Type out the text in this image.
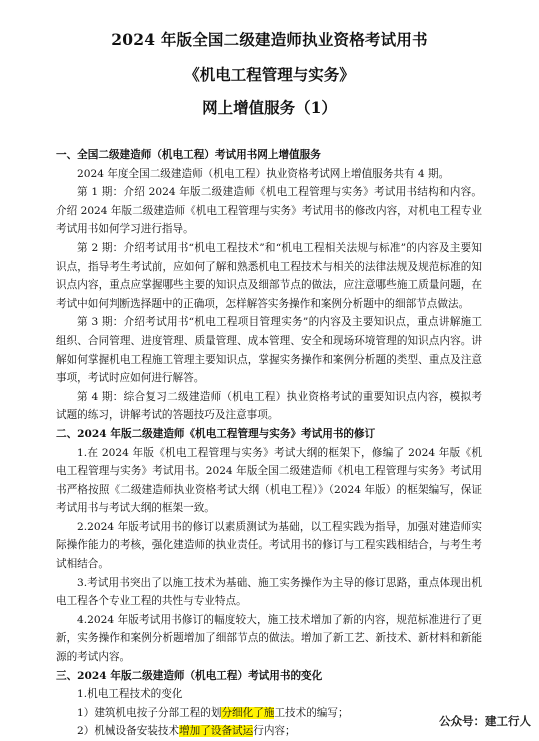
2024 年版全国二级建造师执业资格考试用书
《机电工程管理与实务》
网上增值服务（1）

一、全国二级建造师（机电工程）考试用书网上增值服务

2024 年度全国二级建造师（机电工程）执业资格考试网上增值服务共有 4 期。

第 1 期：介绍 2024 年版二级建造师《机电工程管理与实务》考试用书结构和内容。介绍 2024 年版二级建造师《机电工程管理与实务》考试用书的修改内容，对机电工程专业考试用书如何学习进行指导。

第 2 期：介绍考试用书“机电工程技术”和“机电工程相关法规与标准”的内容及主要知识点，指导考生考试前，应如何了解和熟悉机电工程技术与相关的法律法规及规范标准的知识点内容，重点应掌握哪些主要的知识点及细部节点的做法，应注意哪些施工质量问题，在考试中如何判断选择题中的正确项，怎样解答实务操作和案例分析题中的细部节点做法。

第 3 期：介绍考试用书“机电工程项目管理实务”的内容及主要知识点，重点讲解施工组织、合同管理、进度管理、质量管理、成本管理、安全和现场环境管理的知识点内容。讲解如何掌握机电工程施工管理主要知识点，掌握实务操作和案例分析题的类型、重点及注意事项，考试时应如何进行解答。

第 4 期：综合复习二级建造师（机电工程）执业资格考试的重要知识点内容，模拟考试题的练习，讲解考试的答题技巧及注意事项。

二、2024 年版二级建造师《机电工程管理与实务》考试用书的修订

1.在 2024 年版《机电工程管理与实务》考试大纲的框架下，修编了 2024 年版《机电工程管理与实务》考试用书。2024 年版全国二级建造师《机电工程管理与实务》考试用书严格按照《二级建造师执业资格考试大纲（机电工程）》（2024 年版）的框架编写，保证考试用书与考试大纲的框架一致。

2.2024 年版考试用书的修订以素质测试为基础，以工程实践为指导，加强对建造师实际操作能力的考核，强化建造师的执业责任。考试用书的修订与工程实践相结合，与考生考试相结合。

3.考试用书突出了以施工技术为基础、施工实务操作为主导的修订思路，重点体现出机电工程各个专业工程的共性与专业特点。

4.2024 年版考试用书修订的幅度较大，施工技术增加了新的内容，规范标准进行了更新，实务操作和案例分析题增加了细部节点的做法。增加了新工艺、新技术、新材料和新能源的考试内容。

三、2024 年版二级建造师（机电工程）考试用书的变化

1.机电工程技术的变化

1）建筑机电按子分部工程的划分细化了施工技术的编写；

2）机械设备安装技术增加了设备试运行内容；

公众号：建工行人
